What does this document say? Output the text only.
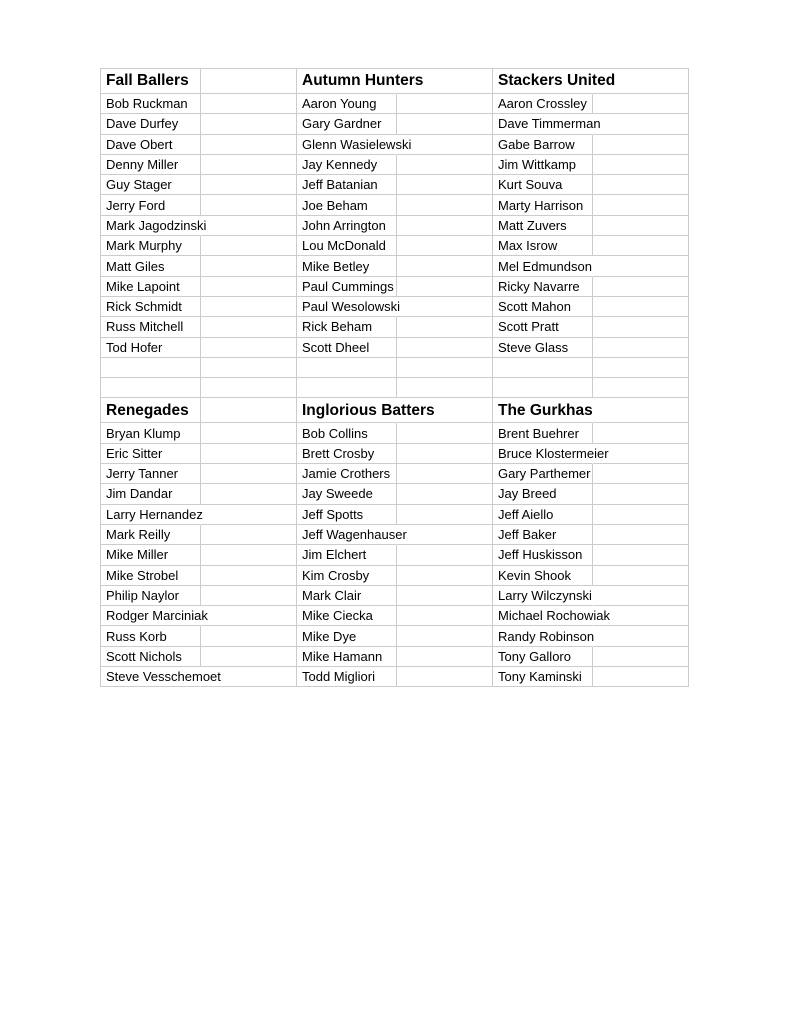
Fall Ballers	Autumn Hunters	Stackers United
Bob Ruckman	Aaron Young	Aaron Crossley
Dave Durfey	Gary Gardner	Dave Timmerman
Dave Obert	Glenn Wasielewski	Gabe Barrow
Denny Miller	Jay Kennedy	Jim Wittkamp
Guy Stager	Jeff Batanian	Kurt Souva
Jerry Ford	Joe Beham	Marty Harrison
Mark Jagodzinski	John Arrington	Matt Zuvers
Mark Murphy	Lou McDonald	Max Isrow
Matt Giles	Mike Betley	Mel Edmundson
Mike Lapoint	Paul Cummings	Ricky Navarre
Rick Schmidt	Paul Wesolowski	Scott Mahon
Russ Mitchell	Rick Beham	Scott Pratt
Tod Hofer	Scott Dheel	Steve Glass
Renegades	Inglorious Batters	The Gurkhas
Bryan Klump	Bob Collins	Brent Buehrer
Eric Sitter	Brett Crosby	Bruce Klostermeier
Jerry Tanner	Jamie Crothers	Gary Parthemer
Jim Dandar	Jay Sweede	Jay Breed
Larry Hernandez	Jeff Spotts	Jeff Aiello
Mark Reilly	Jeff Wagenhauser	Jeff Baker
Mike Miller	Jim Elchert	Jeff Huskisson
Mike Strobel	Kim Crosby	Kevin Shook
Philip Naylor	Mark Clair	Larry Wilczynski
Rodger Marciniak	Mike Ciecka	Michael Rochowiak
Russ Korb	Mike Dye	Randy Robinson
Scott Nichols	Mike Hamann	Tony Galloro
Steve Vesschemoet	Todd Migliori	Tony Kaminski
